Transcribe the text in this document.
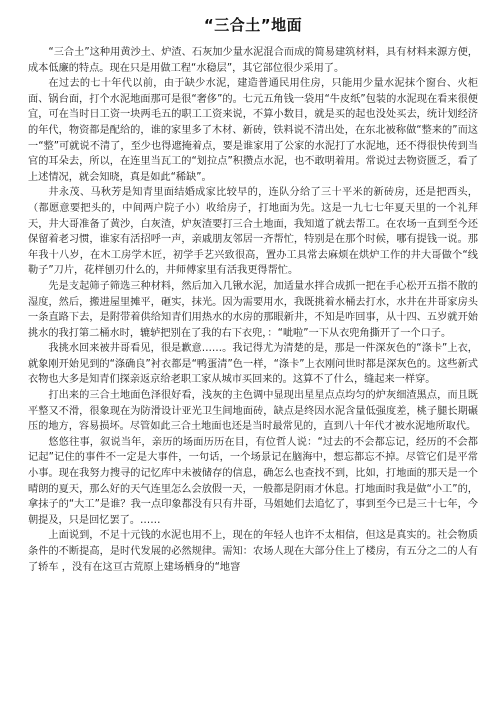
“三合土”地面

“三合土”这种用黄沙土、炉渣、石灰加少量水泥混合而成的简易建筑材料，具有材料来源方便，成本低廉的特点。现在只是用做工程“水稳层”，其它部位很少采用了。

在过去的七十年代以前，由于缺少水泥，建造普通民用住房，只能用少量水泥抹个窗台、火柜面、锅台面，打个水泥地面那可是很“奢侈”的。七元五角钱一袋用“牛皮纸”包装的水泥现在看来很便宜，可在当时日工资一块两毛五的职工工资来说，不算小数目，就是买的起也没处买去，统计划经济的年代，物资都是配给的，谁的家里多了木材、新砖，铁料说不清出处，在东北被称做“整来的”而这一“整”可就说不清了，至少也得遮掩着点，要是谁家用了公家的水泥打了水泥地，还不得很快传到当官的耳朵去，所以，在连里当瓦工的“划拉点”积攒点水泥，也不敢明着用。常说过去物资匮乏，看了上述情况，就会知晓，真是如此“稀缺”。

井永茂、马秋芳是知青里面结婚成家比较早的，连队分给了三十平米的新砖房，还是把西头，（都愿意要把头的，中间两户院子小）收给房子，打地面为先。这是一九七七年夏天里的一个礼拜天，井大哥准备了黄沙，白灰渣，炉灰渣要打三合土地面，我知道了就去帮工。在农场一直到至今还保留着老习惯，谁家有活招呼一声，亲戚朋友邻居一齐帮忙，特别是在那个时候，哪有提钱一说。那年我十八岁，在木工房学木匠，初学手艺兴致很高，置办工具常去麻烦在烘炉工作的井大哥做个“线勒子”刀片，花样刨刃什么的，井师傅家里有活我更得帮忙。

先是支起筛子筛选三种材料，然后加入几锹水泥，加适量水拌合成抓一把在手心松开五指不散的湿度，然后，搬进屋里摊平，砸实，抹光。因为需要用水，我既挑着水桶去打水，水井在井哥家房头一条直路下去，是附带着供给知青们用热水的水房的那眼新井，不知是咋回事，从十四、五岁就开始挑水的我打第二桶水时，辘轳把别在了我的右下衣兜，：“呲啦”一下从衣兜角撕开了一个口子。

我挑水回来被井哥看见，很是歉意……。我记得尤为清楚的是，那是一件深灰色的“涤卡”上衣，就象刚开始见到的“涤确良”衬衣都是“鸭蛋清”色一样，“涤卡”上衣刚问世时都是深灰色的。这些新式衣物也大多是知青们探亲返京给老职工家从城市买回来的。这算不了什么，缝起来一样穿。

打出来的三合土地面色泽很好看，浅灰的主色调中显现出星星点点均匀的炉灰细渣黑点，而且既平整又不滑，很象现在为防滑设计亚光卫生间地面砖，缺点是终因水泥含量低强度差，桃子腿长期碾压的地方，容易损坏。尽管如此三合土地面也还是当时最常见的，直到八十年代才被水泥地所取代。

悠悠往事，叙说当年，亲历的场面历历在目，有位哲人说：“过去的不会都忘记，经历的不会都记起”记住的事件不一定是大事件，一句话，一个场景记在脑海中，想忘都忘不掉。尽管它们是平常小事。现在我努力搜寻的记忆库中未被储存的信息，确怎么也查找不到，比如，打地面的那天是一个晴朗的夏天，那么好的天气连里怎么会放假一天，一般都是阴雨才休息。打地面时我是做“小工”的，拿抹子的“大工”是谁？我一点印象都没有只有井哥，马姐她们去追忆了，事到至今已是三十七年，今朝提及，只是回忆罢了。……

上面说到，不足十元钱的水泥也用不上，现在的年轻人也许不太相信，但这是真实的。社会物质条件的不断提高，是时代发展的必然规律。需知：农场人现在大部分住上了楼房，有五分之二的人有了轿车 ，没有在这亘古荒原上建场栖身的“地窨
